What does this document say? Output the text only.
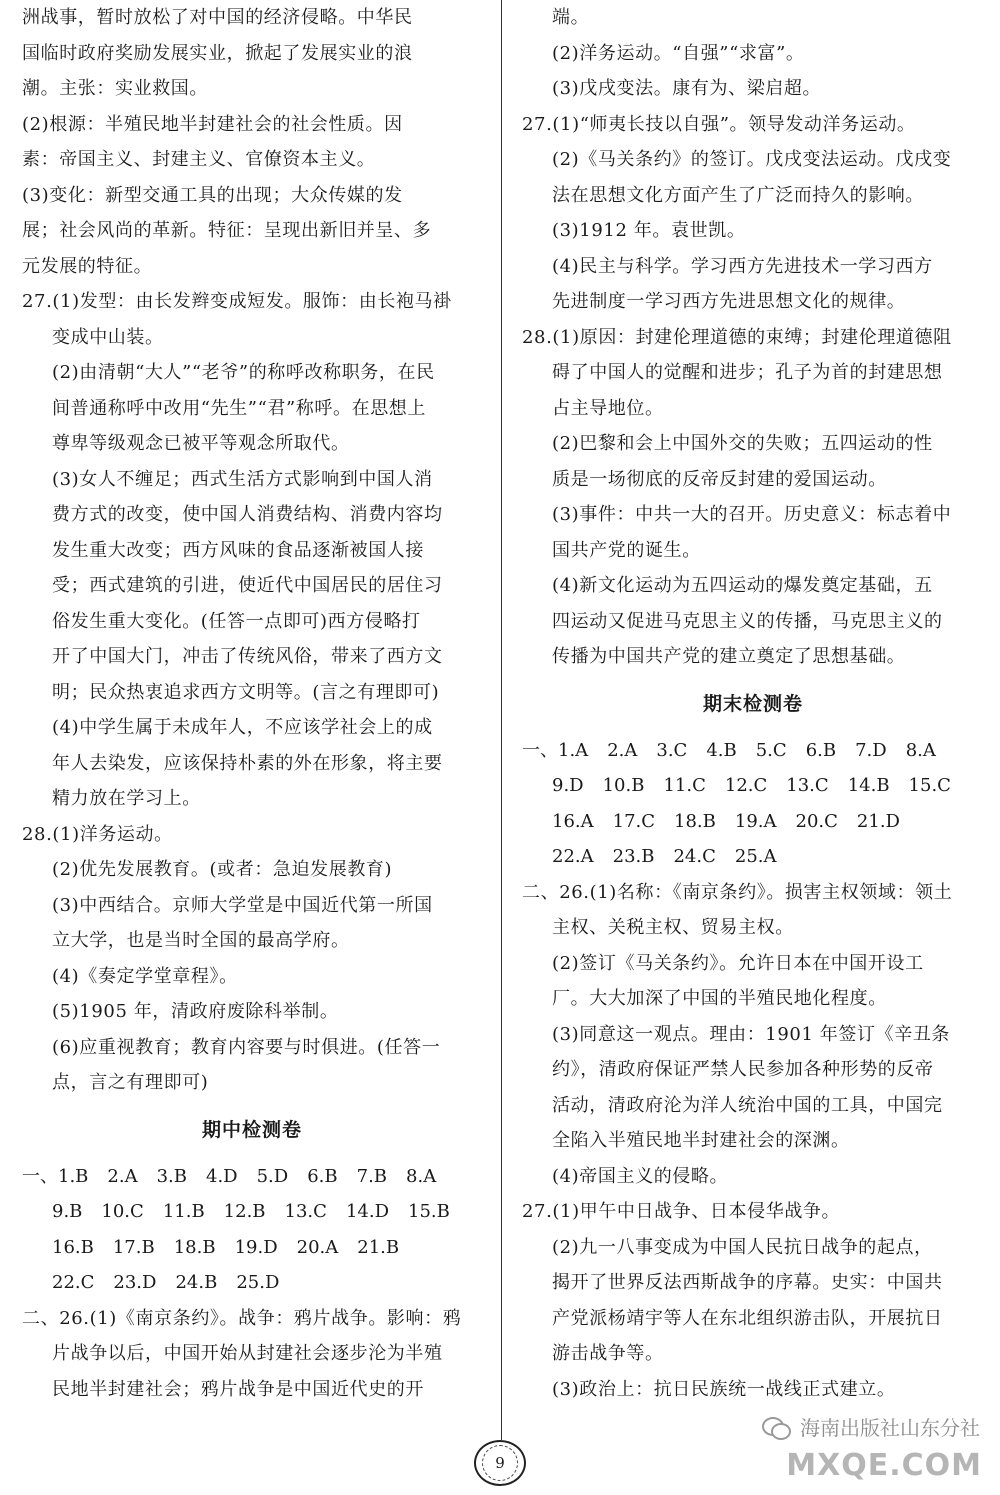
洲战事，暂时放松了对中国的经济侵略。中华民

国临时政府奖励发展实业，掀起了发展实业的浪

潮。主张：实业救国。

(2)根源：半殖民地半封建社会的社会性质。因

素：帝国主义、封建主义、官僚资本主义。

(3)变化：新型交通工具的出现；大众传媒的发

展；社会风尚的革新。特征：呈现出新旧并呈、多

元发展的特征。

27.(1)发型：由长发辫变成短发。服饰：由长袍马褂

变成中山装。

(2)由清朝“大人”“老爷”的称呼改称职务，在民

间普通称呼中改用“先生”“君”称呼。在思想上

尊卑等级观念已被平等观念所取代。

(3)女人不缠足；西式生活方式影响到中国人消

费方式的改变，使中国人消费结构、消费内容均

发生重大改变；西方风味的食品逐渐被国人接

受；西式建筑的引进，使近代中国居民的居住习

俗发生重大变化。(任答一点即可)西方侵略打

开了中国大门，冲击了传统风俗，带来了西方文

明；民众热衷追求西方文明等。(言之有理即可)

(4)中学生属于未成年人，不应该学社会上的成

年人去染发，应该保持朴素的外在形象，将主要

精力放在学习上。

28.(1)洋务运动。

(2)优先发展教育。(或者：急迫发展教育)

(3)中西结合。京师大学堂是中国近代第一所国

立大学，也是当时全国的最高学府。

(4)《奏定学堂章程》。

(5)1905 年，清政府废除科举制。

(6)应重视教育；教育内容要与时俱进。(任答一

点，言之有理即可)

期中检测卷

一、1.B 2.A 3.B 4.D 5.D 6.B 7.B 8.A

9.B 10.C 11.B 12.B 13.C 14.D 15.B

16.B 17.B 18.B 19.D 20.A 21.B

22.C 23.D 24.B 25.D

二、26.(1)《南京条约》。战争：鸦片战争。影响：鸦

片战争以后，中国开始从封建社会逐步沦为半殖

民地半封建社会；鸦片战争是中国近代史的开

端。

(2)洋务运动。“自强”“求富”。

(3)戊戌变法。康有为、梁启超。

27.(1)“师夷长技以自强”。领导发动洋务运动。

(2)《马关条约》的签订。戊戌变法运动。戊戌变

法在思想文化方面产生了广泛而持久的影响。

(3)1912 年。袁世凯。

(4)民主与科学。学习西方先进技术一学习西方

先进制度一学习西方先进思想文化的规律。

28.(1)原因：封建伦理道德的束缚；封建伦理道德阻

碍了中国人的觉醒和进步；孔子为首的封建思想

占主导地位。

(2)巴黎和会上中国外交的失败；五四运动的性

质是一场彻底的反帝反封建的爱国运动。

(3)事件：中共一大的召开。历史意义：标志着中

国共产党的诞生。

(4)新文化运动为五四运动的爆发奠定基础，五

四运动又促进马克思主义的传播，马克思主义的

传播为中国共产党的建立奠定了思想基础。

期末检测卷

一、1.A 2.A 3.C 4.B 5.C 6.B 7.D 8.A

9.D 10.B 11.C 12.C 13.C 14.B 15.C

16.A 17.C 18.B 19.A 20.C 21.D

22.A 23.B 24.C 25.A

二、26.(1)名称：《南京条约》。损害主权领域：领土

主权、关税主权、贸易主权。

(2)签订《马关条约》。允许日本在中国开设工

厂。大大加深了中国的半殖民地化程度。

(3)同意这一观点。理由：1901 年签订《辛丑条

约》，清政府保证严禁人民参加各种形势的反帝

活动，清政府沦为洋人统治中国的工具，中国完

全陷入半殖民地半封建社会的深渊。

(4)帝国主义的侵略。

27.(1)甲午中日战争、日本侵华战争。

(2)九一八事变成为中国人民抗日战争的起点，

揭开了世界反法西斯战争的序幕。史实：中国共

产党派杨靖宇等人在东北组织游击队，开展抗日

游击战争等。

(3)政治上：抗日民族统一战线正式建立。

9
海南出版社山东分社
MXQE.COM
